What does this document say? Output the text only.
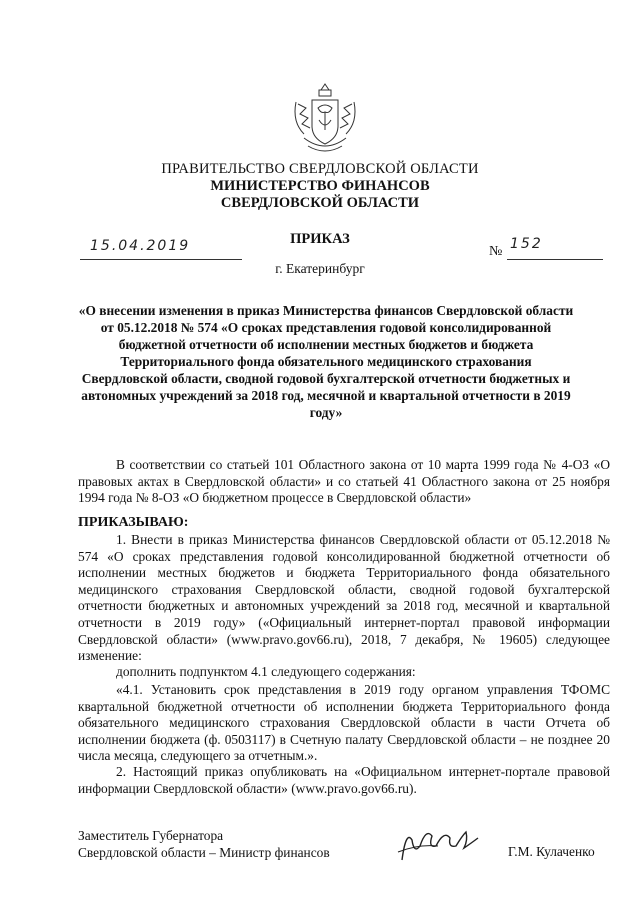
ПРАВИТЕЛЬСТВО СВЕРДЛОВСКОЙ ОБЛАСТИ
МИНИСТЕРСТВО ФИНАНСОВ
СВЕРДЛОВСКОЙ ОБЛАСТИ
ПРИКАЗ
15.04.2019	№ 152
г. Екатеринбург
«О внесении изменения в приказ Министерства финансов Свердловской области от 05.12.2018 № 574 «О сроках представления годовой консолидированной бюджетной отчетности об исполнении местных бюджетов и бюджета Территориального фонда обязательного медицинского страхования Свердловской области, сводной годовой бухгалтерской отчетности бюджетных и автономных учреждений за 2018 год, месячной и квартальной отчетности в 2019 году»
В соответствии со статьей 101 Областного закона от 10 марта 1999 года № 4-ОЗ «О правовых актах в Свердловской области» и со статьей 41 Областного закона от 25 ноября 1994 года № 8-ОЗ «О бюджетном процессе в Свердловской области»
ПРИКАЗЫВАЮ:
1. Внести в приказ Министерства финансов Свердловской области от 05.12.2018 № 574 «О сроках представления годовой консолидированной бюджетной отчетности об исполнении местных бюджетов и бюджета Территориального фонда обязательного медицинского страхования Свердловской области, сводной годовой бухгалтерской отчетности бюджетных и автономных учреждений за 2018 год, месячной и квартальной отчетности в 2019 году» («Официальный интернет-портал правовой информации Свердловской области» (www.pravo.gov66.ru), 2018, 7 декабря, № 19605) следующее изменение:
дополнить подпунктом 4.1 следующего содержания:
«4.1. Установить срок представления в 2019 году органом управления ТФОМС квартальной бюджетной отчетности об исполнении бюджета Территориального фонда обязательного медицинского страхования Свердловской области в части Отчета об исполнении бюджета (ф. 0503117) в Счетную палату Свердловской области – не позднее 20 числа месяца, следующего за отчетным.».
2. Настоящий приказ опубликовать на «Официальном интернет-портале правовой информации Свердловской области» (www.pravo.gov66.ru).
Заместитель Губернатора
Свердловской области – Министр финансов	Г.М. Кулаченко
